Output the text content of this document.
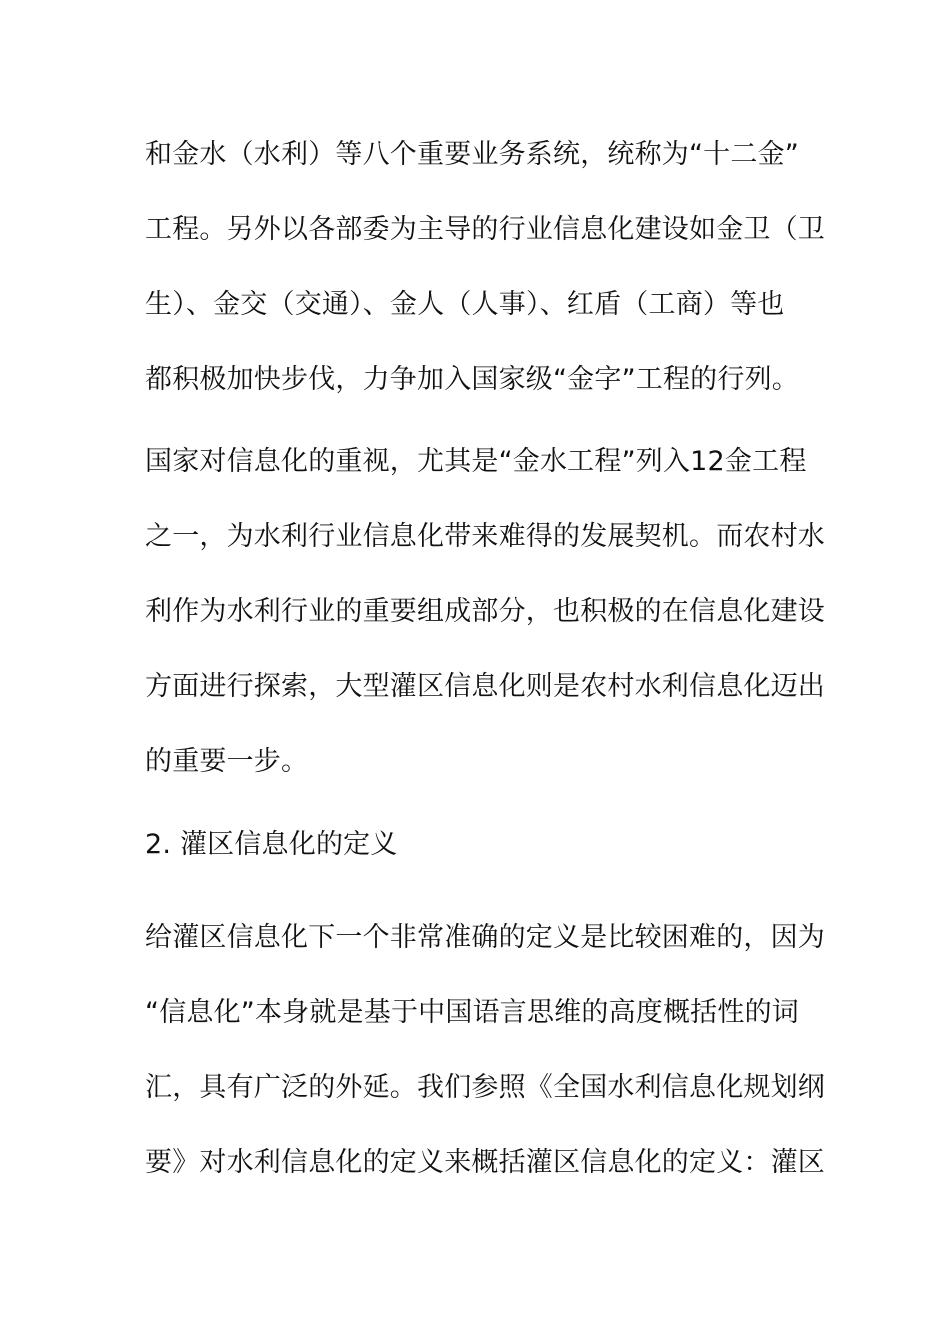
和金水（水利）等八个重要业务系统，统称为“十二金”
工程。另外以各部委为主导的行业信息化建设如金卫（卫
生）、金交（交通）、金人（人事）、红盾（工商）等也
都积极加快步伐，力争加入国家级“金字”工程的行列。
国家对信息化的重视，尤其是“金水工程”列入12金工程
之一，为水利行业信息化带来难得的发展契机。而农村水
利作为水利行业的重要组成部分，也积极的在信息化建设
方面进行探索，大型灌区信息化则是农村水利信息化迈出
的重要一步。
2. 灌区信息化的定义
给灌区信息化下一个非常准确的定义是比较困难的，因为
“信息化”本身就是基于中国语言思维的高度概括性的词
汇，具有广泛的外延。我们参照《全国水利信息化规划纲
要》对水利信息化的定义来概括灌区信息化的定义：灌区
